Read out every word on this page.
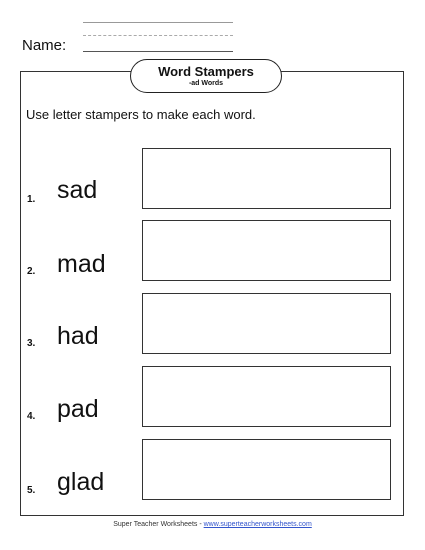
Name:
Word Stampers
-ad Words
Use letter stampers to make each word.
1. sad
2. mad
3. had
4. pad
5. glad
Super Teacher Worksheets - www.superteacherworksheets.com
